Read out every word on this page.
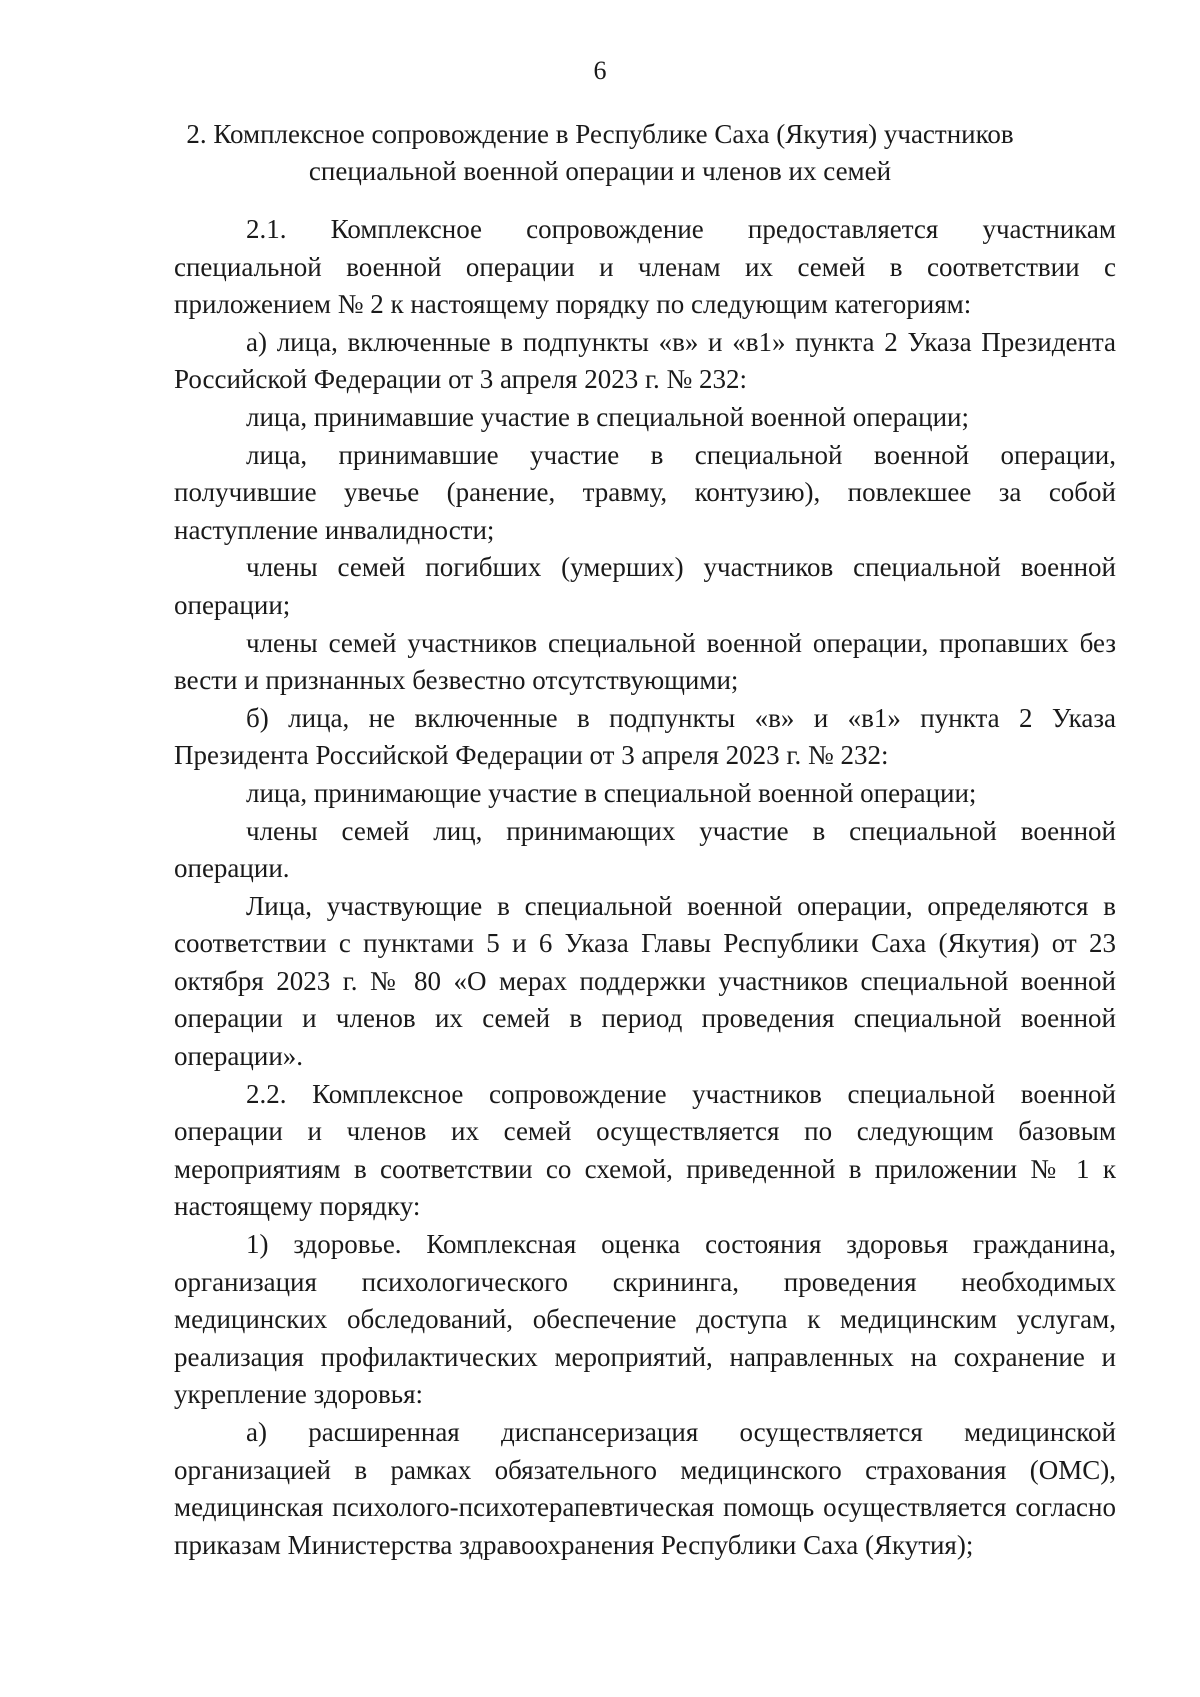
6
2. Комплексное сопровождение в Республике Саха (Якутия) участников
специальной военной операции и членов их семей

2.1. Комплексное сопровождение предоставляется участникам специальной военной операции и членам их семей в соответствии с приложением № 2 к настоящему порядку по следующим категориям:

а) лица, включенные в подпункты «в» и «в1» пункта 2 Указа Президента Российской Федерации от 3 апреля 2023 г. № 232:

лица, принимавшие участие в специальной военной операции;

лица, принимавшие участие в специальной военной операции, получившие увечье (ранение, травму, контузию), повлекшее за собой наступление инвалидности;

члены семей погибших (умерших) участников специальной военной операции;

члены семей участников специальной военной операции, пропавших без вести и признанных безвестно отсутствующими;

б) лица, не включенные в подпункты «в» и «в1» пункта 2 Указа Президента Российской Федерации от 3 апреля 2023 г. № 232:

лица, принимающие участие в специальной военной операции;

члены семей лиц, принимающих участие в специальной военной операции.

Лица, участвующие в специальной военной операции, определяются в соответствии с пунктами 5 и 6 Указа Главы Республики Саха (Якутия) от 23 октября 2023 г. № 80 «О мерах поддержки участников специальной военной операции и членов их семей в период проведения специальной военной операции».

2.2. Комплексное сопровождение участников специальной военной операции и членов их семей осуществляется по следующим базовым мероприятиям в соответствии со схемой, приведенной в приложении № 1 к настоящему порядку:

1) здоровье. Комплексная оценка состояния здоровья гражданина, организация психологического скрининга, проведения необходимых медицинских обследований, обеспечение доступа к медицинским услугам, реализация профилактических мероприятий, направленных на сохранение и укрепление здоровья:

а) расширенная диспансеризация осуществляется медицинской организацией в рамках обязательного медицинского страхования (ОМС), медицинская психолого-психотерапевтическая помощь осуществляется согласно приказам Министерства здравоохранения Республики Саха (Якутия);
